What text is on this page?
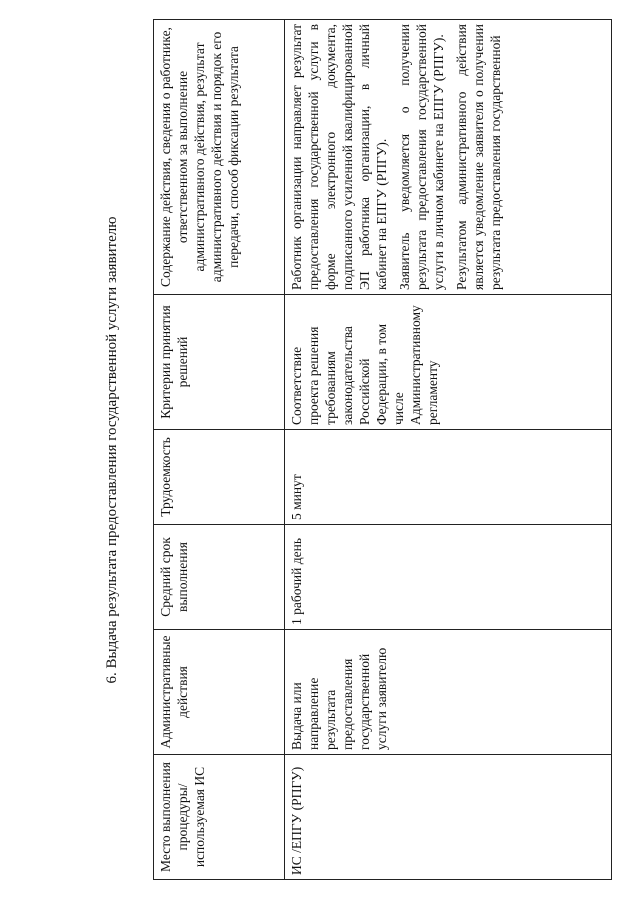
6. Выдача результата предоставления государственной услуги заявителю
Место выполнения процедуры/используемая ИС	Административные действия	Средний срок выполнения	Трудоемкость	Критерии принятия решений	Содержание действия, сведения о работнике, ответственном за выполнение административного действия, результат административного действия и порядок его передачи, способ фиксации результата
ИС /ЕПГУ (РПГУ)	Выдача или направление результата предоставления государственной услуги заявителю	1 рабочий день	5 минут	Соответствие проекта решения требованиям законодательства Российской Федерации, в том числе Административному регламенту	Работник организации направляет результат предоставления государственной услуги в форме электронного документа, подписанного усиленной квалифицированной ЭП работника организации, в личный кабинет на ЕПГУ (РПГУ). Заявитель уведомляется о получении результата предоставления государственной услуги в личном кабинете на ЕПГУ (РПГУ). Результатом административного действия является уведомление заявителя о получении результата предоставления государственной
